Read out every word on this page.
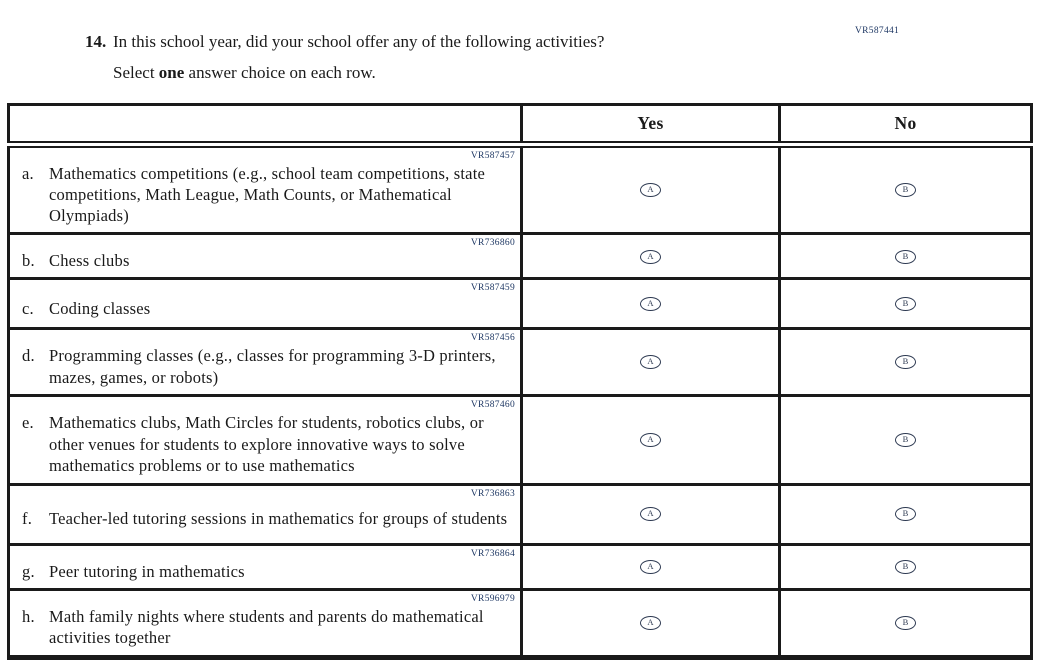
14. In this school year, did your school offer any of the following activities?
Select one answer choice on each row.
VR587441
	Yes	No

VR587457
a. Mathematics competitions (e.g., school team competitions, state competitions, Math League, Math Counts, or Mathematical Olympiads)	A	B

VR736860
b. Chess clubs	A	B

VR587459
c. Coding classes	A	B

VR587456
d. Programming classes (e.g., classes for programming 3-D printers, mazes, games, or robots)	A	B

VR587460
e. Mathematics clubs, Math Circles for students, robotics clubs, or other venues for students to explore innovative ways to solve mathematics problems or to use mathematics	A	B

VR736863
f. Teacher-led tutoring sessions in mathematics for groups of students	A	B

VR736864
g. Peer tutoring in mathematics	A	B

VR596979
h. Math family nights where students and parents do mathematical activities together	A	B
